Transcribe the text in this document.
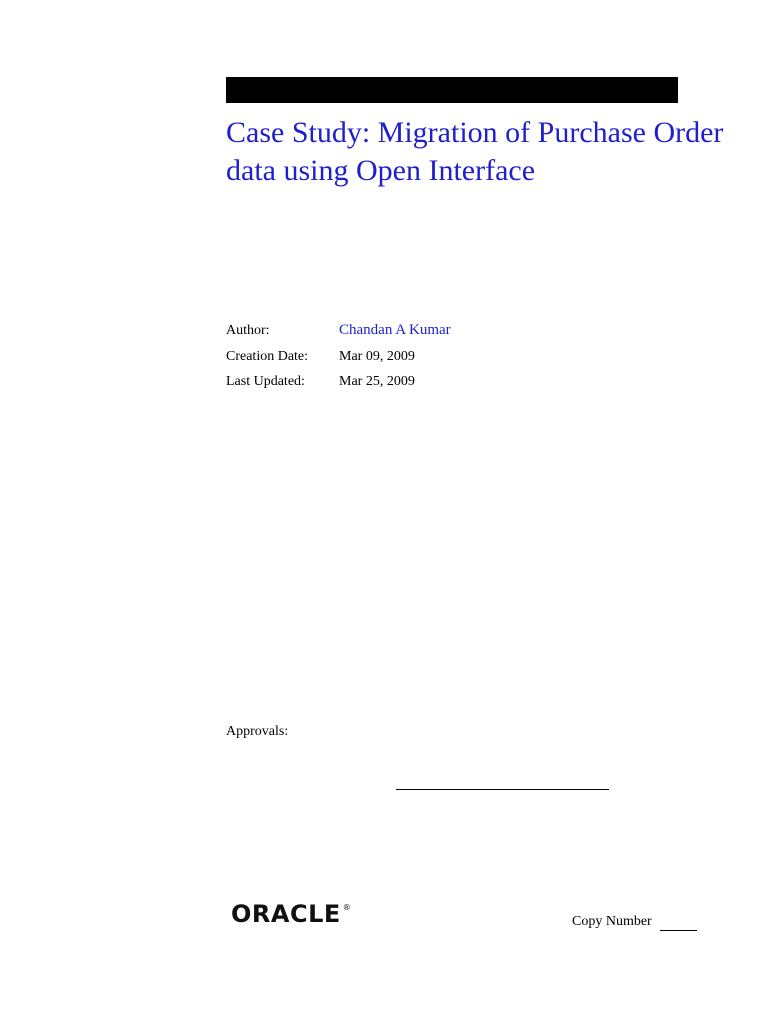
Case Study: Migration of Purchase Order data using Open Interface
Author:	Chandan A Kumar
Creation Date:	Mar 09, 2009
Last Updated:	Mar 25, 2009
Approvals:
ORACLE ®
Copy Number
